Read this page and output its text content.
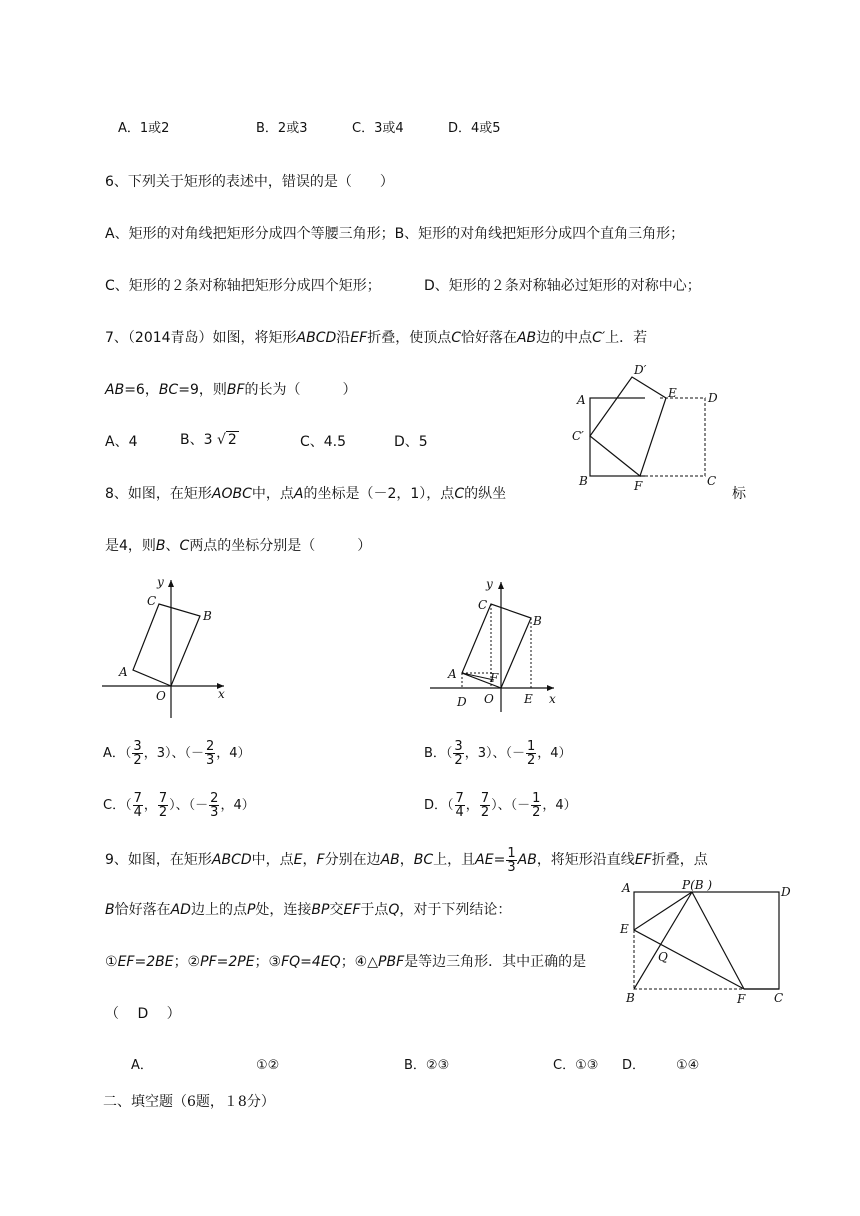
A．1或2	B．2或3	C．3或4	D．4或5
6、下列关于矩形的表述中，错误的是（　　）
A、矩形的对角线把矩形分成四个等腰三角形；B、矩形的对角线把矩形分成四个直角三角形；
C、矩形的２条对称轴把矩形分成四个矩形；	D、矩形的２条对称轴必过矩形的对称中心；
7、（2014青岛）如图，将矩形ABCD沿EF折叠，使顶点C恰好落在AB边的中点C′上．若
AB=6，BC=9，则BF的长为（　　　）
A、4	B、3 √ 2	C、4.5	D、5
D′
E	D
A
C′
B	F	C
8、如图，在矩形AOBC中，点A的坐标是（－2，1），点C的纵坐	标
是4，则B、C两点的坐标分别是（　　　）
y
C
B
A
O	x
y
C
B
A	F
D O	E x
A．（ $\frac{3}{2}$ ，3）、（－ $\frac{2}{3}$ ，4）	B．（ $\frac{3}{2}$ ，3）、（－ $\frac{1}{2}$ ，4）
C．（ $\frac{7}{4}$ ， $\frac{7}{2}$ ）、（－ $\frac{2}{3}$ ，4）	D．（ $\frac{7}{4}$ ， $\frac{7}{2}$ ）、（－ $\frac{1}{2}$ ，4）
9、如图，在矩形ABCD中，点E，F分别在边AB，BC上，且$AE= \frac{1}{3}$ AB，将矩形沿直线EF折叠，点
B恰好落在AD边上的点P处，连接BP交EF于点Q，对于下列结论：
①EF=2BE；②PF=2PE；③FQ=4EQ；④△PBF是等边三角形．其中正确的是
（　 D　 ）
A	P(B )	D
E
Q
B	F C
A．	①②	B．②③	C．①③ D． ①④
二、填空题（6题，１8分）
